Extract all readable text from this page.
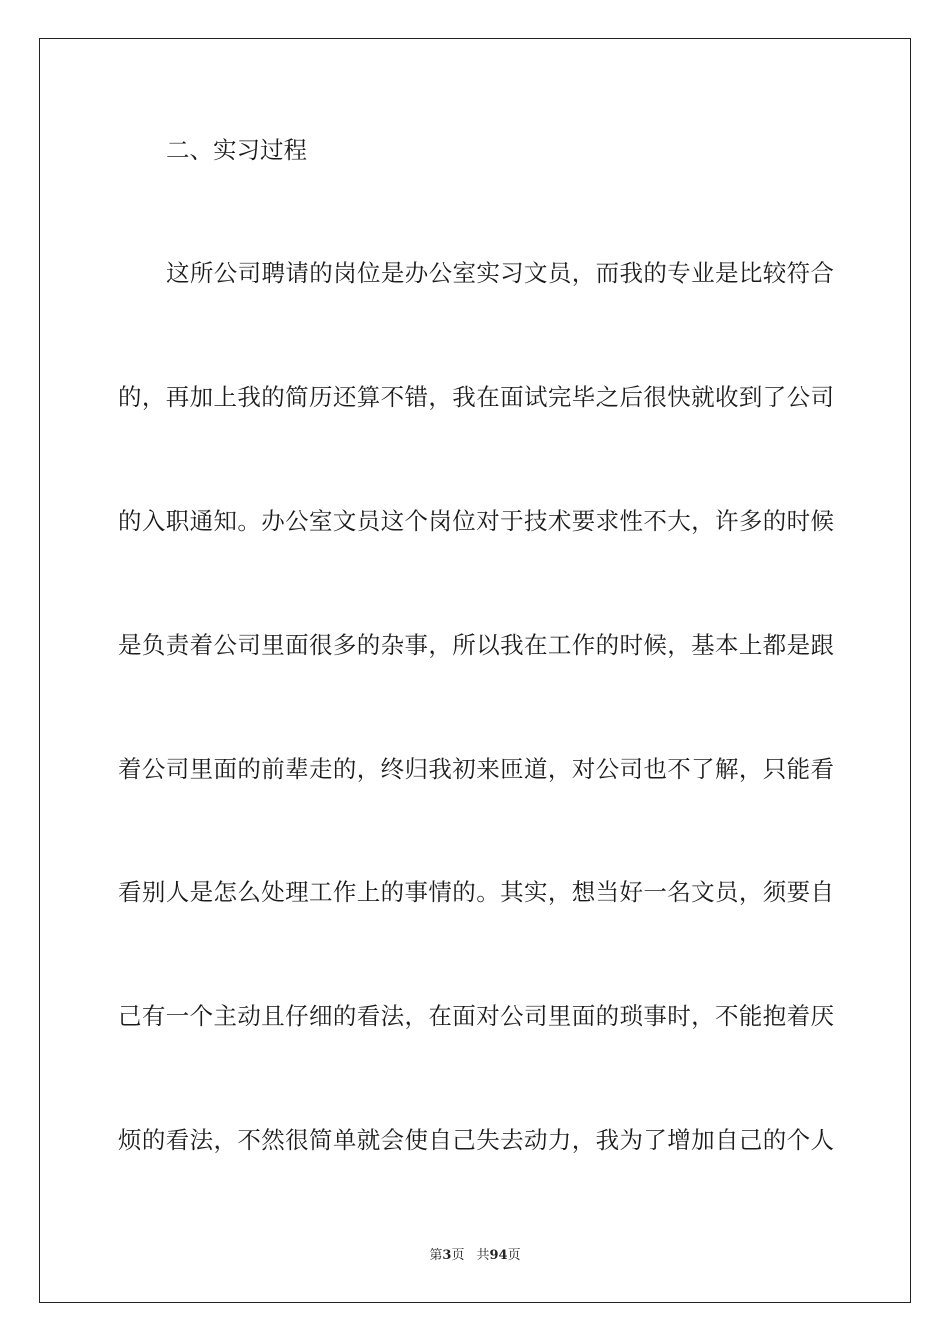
二、实习过程
这所公司聘请的岗位是办公室实习文员，而我的专业是比较符合
的，再加上我的简历还算不错，我在面试完毕之后很快就收到了公司
的入职通知。办公室文员这个岗位对于技术要求性不大，许多的时候
是负责着公司里面很多的杂事，所以我在工作的时候，基本上都是跟
着公司里面的前辈走的，终归我初来匝道，对公司也不了解，只能看
看别人是怎么处理工作上的事情的。其实，想当好一名文员，须要自
己有一个主动且仔细的看法，在面对公司里面的琐事时，不能抱着厌
烦的看法，不然很简单就会使自己失去动力，我为了增加自己的个人
第3页 共94页
